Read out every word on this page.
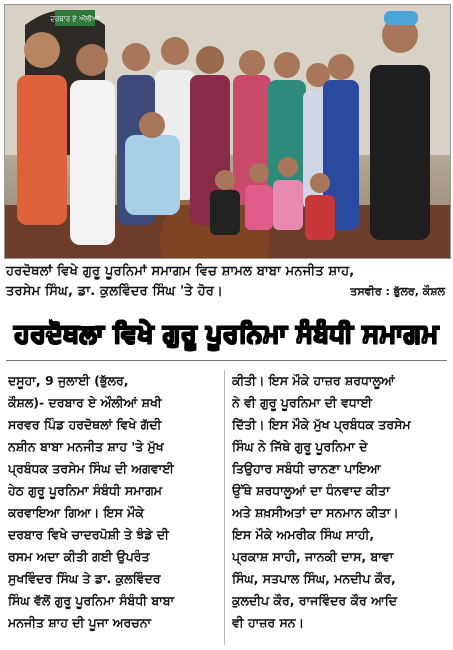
ਦਰਬਾਰ ਏ ਔਲੀਆ
ਹਰਦੋਥਲਾਂ ਵਿਖੇ ਗੁਰੂ ਪੂਰਨਿਮਾਂ ਸਮਾਗਮ ਵਿਚ ਸ਼ਾਮਲ ਬਾਬਾ ਮਨਜੀਤ ਸ਼ਾਹ,
ਤਰਸੇਮ ਸਿੰਘ, ਡਾ. ਕੁਲਵਿੰਦਰ ਸਿੰਘ 'ਤੇ ਹੋਰ।	ਤਸਵੀਰ : ਭੁੱਲਰ, ਕੌਸ਼ਲ
ਹਰਦੋਥਲਾ ਵਿਖੇ ਗੁਰੂ ਪੂਰਨਿਮਾ ਸੰਬੰਧੀ ਸਮਾਗਮ
ਦਸੂਹਾ, 9 ਜੁਲਾਈ (ਭੁੱਲਰ,
ਕੌਸ਼ਲ)- ਦਰਬਾਰ ਏ ਔਲੀਆਂ ਸ਼ਖੀ
ਸਰਵਰ ਪਿੰਡ ਹਰਦੋਥਲਾਂ ਵਿਖੇ ਗੱਦੀ
ਨਸ਼ੀਨ ਬਾਬਾ ਮਨਜੀਤ ਸ਼ਾਹ 'ਤੇ ਮੁੱਖ
ਪ੍ਰਬੰਧਕ ਤਰਸੇਮ ਸਿੰਘ ਦੀ ਅਗਵਾਈ
ਹੇਠ ਗੁਰੂ ਪੂਰਨਿਮਾ ਸੰਬੰਧੀ ਸਮਾਗਮ
ਕਰਵਾਇਆ ਗਿਆ। ਇਸ ਮੌਕੇ
ਦਰਬਾਰ ਵਿਖੇ ਚਾਦਰਪੋਸ਼ੀ ਤੇ ਝੰਡੇ ਦੀ
ਰਸਮ ਅਦਾ ਕੀਤੀ ਗਈ ਉਪਰੰਤ
ਸੁਖਵਿੰਦਰ ਸਿੰਘ ਤੇ ਡਾ. ਕੁਲਵਿੰਦਰ
ਸਿੰਘ ਵੱਲੋਂ ਗੁਰੂ ਪੂਰਨਿਮਾ ਸੰਬੰਧੀ ਬਾਬਾ
ਮਨਜੀਤ ਸ਼ਾਹ ਦੀ ਪੂਜਾ ਅਰਚਨਾ
ਕੀਤੀ। ਇਸ ਮੌਕੇ ਹਾਜ਼ਰ ਸ਼ਰਧਾਲੂਆਂ
ਨੇ ਵੀ ਗੁਰੂ ਪੂਰਨਿਮਾ ਦੀ ਵਧਾਈ
ਦਿੱਤੀ। ਇਸ ਮੌਕੇ ਮੁੱਖ ਪ੍ਰਬੰਧਕ ਤਰਸੇਮ
ਸਿੰਘ ਨੇ ਜਿੱਥੇ ਗੁਰੂ ਪੂਰਨਿਮਾ ਦੇ
ਤਿਉਹਾਰ ਸਬੰਧੀ ਚਾਨਣਾ ਪਾਇਆ
ਉੱਥੇ ਸ਼ਰਧਾਲੂਆਂ ਦਾ ਧੰਨਵਾਦ ਕੀਤਾ
ਅਤੇ ਸ਼ਖ਼ਸੀਅਤਾਂ ਦਾ ਸਨਮਾਨ ਕੀਤਾ।
ਇਸ ਮੌਕੇ ਅਮਰੀਕ ਸਿੰਘ ਸਾਹੀ,
ਪ੍ਰਕਾਸ਼ ਸਾਹੀ, ਜਾਨਕੀ ਦਾਸ, ਬਾਵਾ
ਸਿੰਘ, ਸਤਪਾਲ ਸਿੰਘ, ਮਨਦੀਪ ਕੌਰ,
ਕੁਲਦੀਪ ਕੌਰ, ਰਾਜਵਿੰਦਰ ਕੌਰ ਆਦਿ
ਵੀ ਹਾਜ਼ਰ ਸਨ।
